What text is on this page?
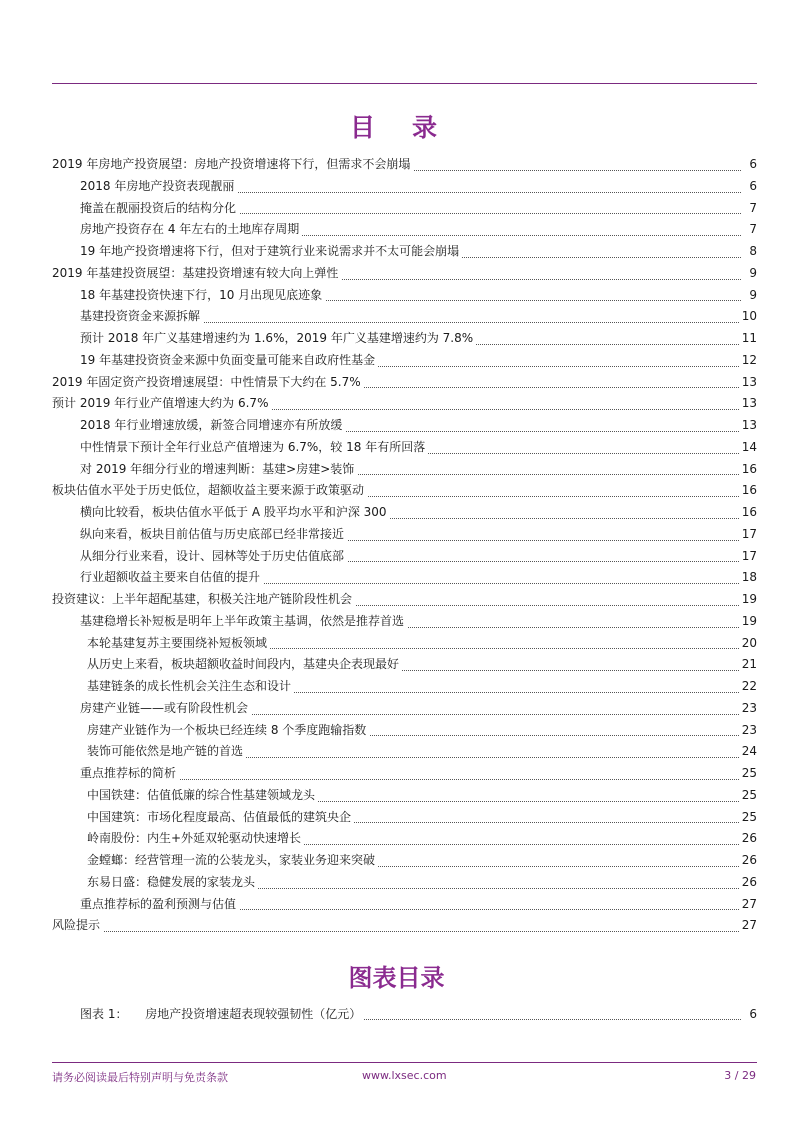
目　录
2019 年房地产投资展望：房地产投资增速将下行，但需求不会崩塌	6
2018 年房地产投资表现靓丽	6
掩盖在靓丽投资后的结构分化	7
房地产投资存在 4 年左右的土地库存周期	7
19 年地产投资增速将下行，但对于建筑行业来说需求并不太可能会崩塌	8
2019 年基建投资展望：基建投资增速有较大向上弹性	9
18 年基建投资快速下行，10 月出现见底迹象	9
基建投资资金来源拆解	10
预计 2018 年广义基建增速约为 1.6%，2019 年广义基建增速约为 7.8%	11
19 年基建投资资金来源中负面变量可能来自政府性基金	12
2019 年固定资产投资增速展望：中性情景下大约在 5.7%	13
预计 2019 年行业产值增速大约为 6.7%	13
2018 年行业增速放缓，新签合同增速亦有所放缓	13
中性情景下预计全年行业总产值增速为 6.7%，较 18 年有所回落	14
对 2019 年细分行业的增速判断：基建>房建>装饰	16
板块估值水平处于历史低位，超额收益主要来源于政策驱动	16
横向比较看，板块估值水平低于 A 股平均水平和沪深 300	16
纵向来看，板块目前估值与历史底部已经非常接近	17
从细分行业来看，设计、园林等处于历史估值底部	17
行业超额收益主要来自估值的提升	18
投资建议：上半年超配基建，积极关注地产链阶段性机会	19
基建稳增长补短板是明年上半年政策主基调，依然是推荐首选	19
本轮基建复苏主要围绕补短板领域	20
从历史上来看，板块超额收益时间段内，基建央企表现最好	21
基建链条的成长性机会关注生态和设计	22
房建产业链——或有阶段性机会	23
房建产业链作为一个板块已经连续 8 个季度跑输指数	23
装饰可能依然是地产链的首选	24
重点推荐标的简析	25
中国铁建：估值低廉的综合性基建领域龙头	25
中国建筑：市场化程度最高、估值最低的建筑央企	25
岭南股份：内生+外延双轮驱动快速增长	26
金螳螂：经营管理一流的公装龙头，家装业务迎来突破	26
东易日盛：稳健发展的家装龙头	26
重点推荐标的盈利预测与估值	27
风险提示	27
图表目录
图表 1： 房地产投资增速超表现较强韧性（亿元）	6
请务必阅读最后特别声明与免责条款	www.lxsec.com	3 / 29
